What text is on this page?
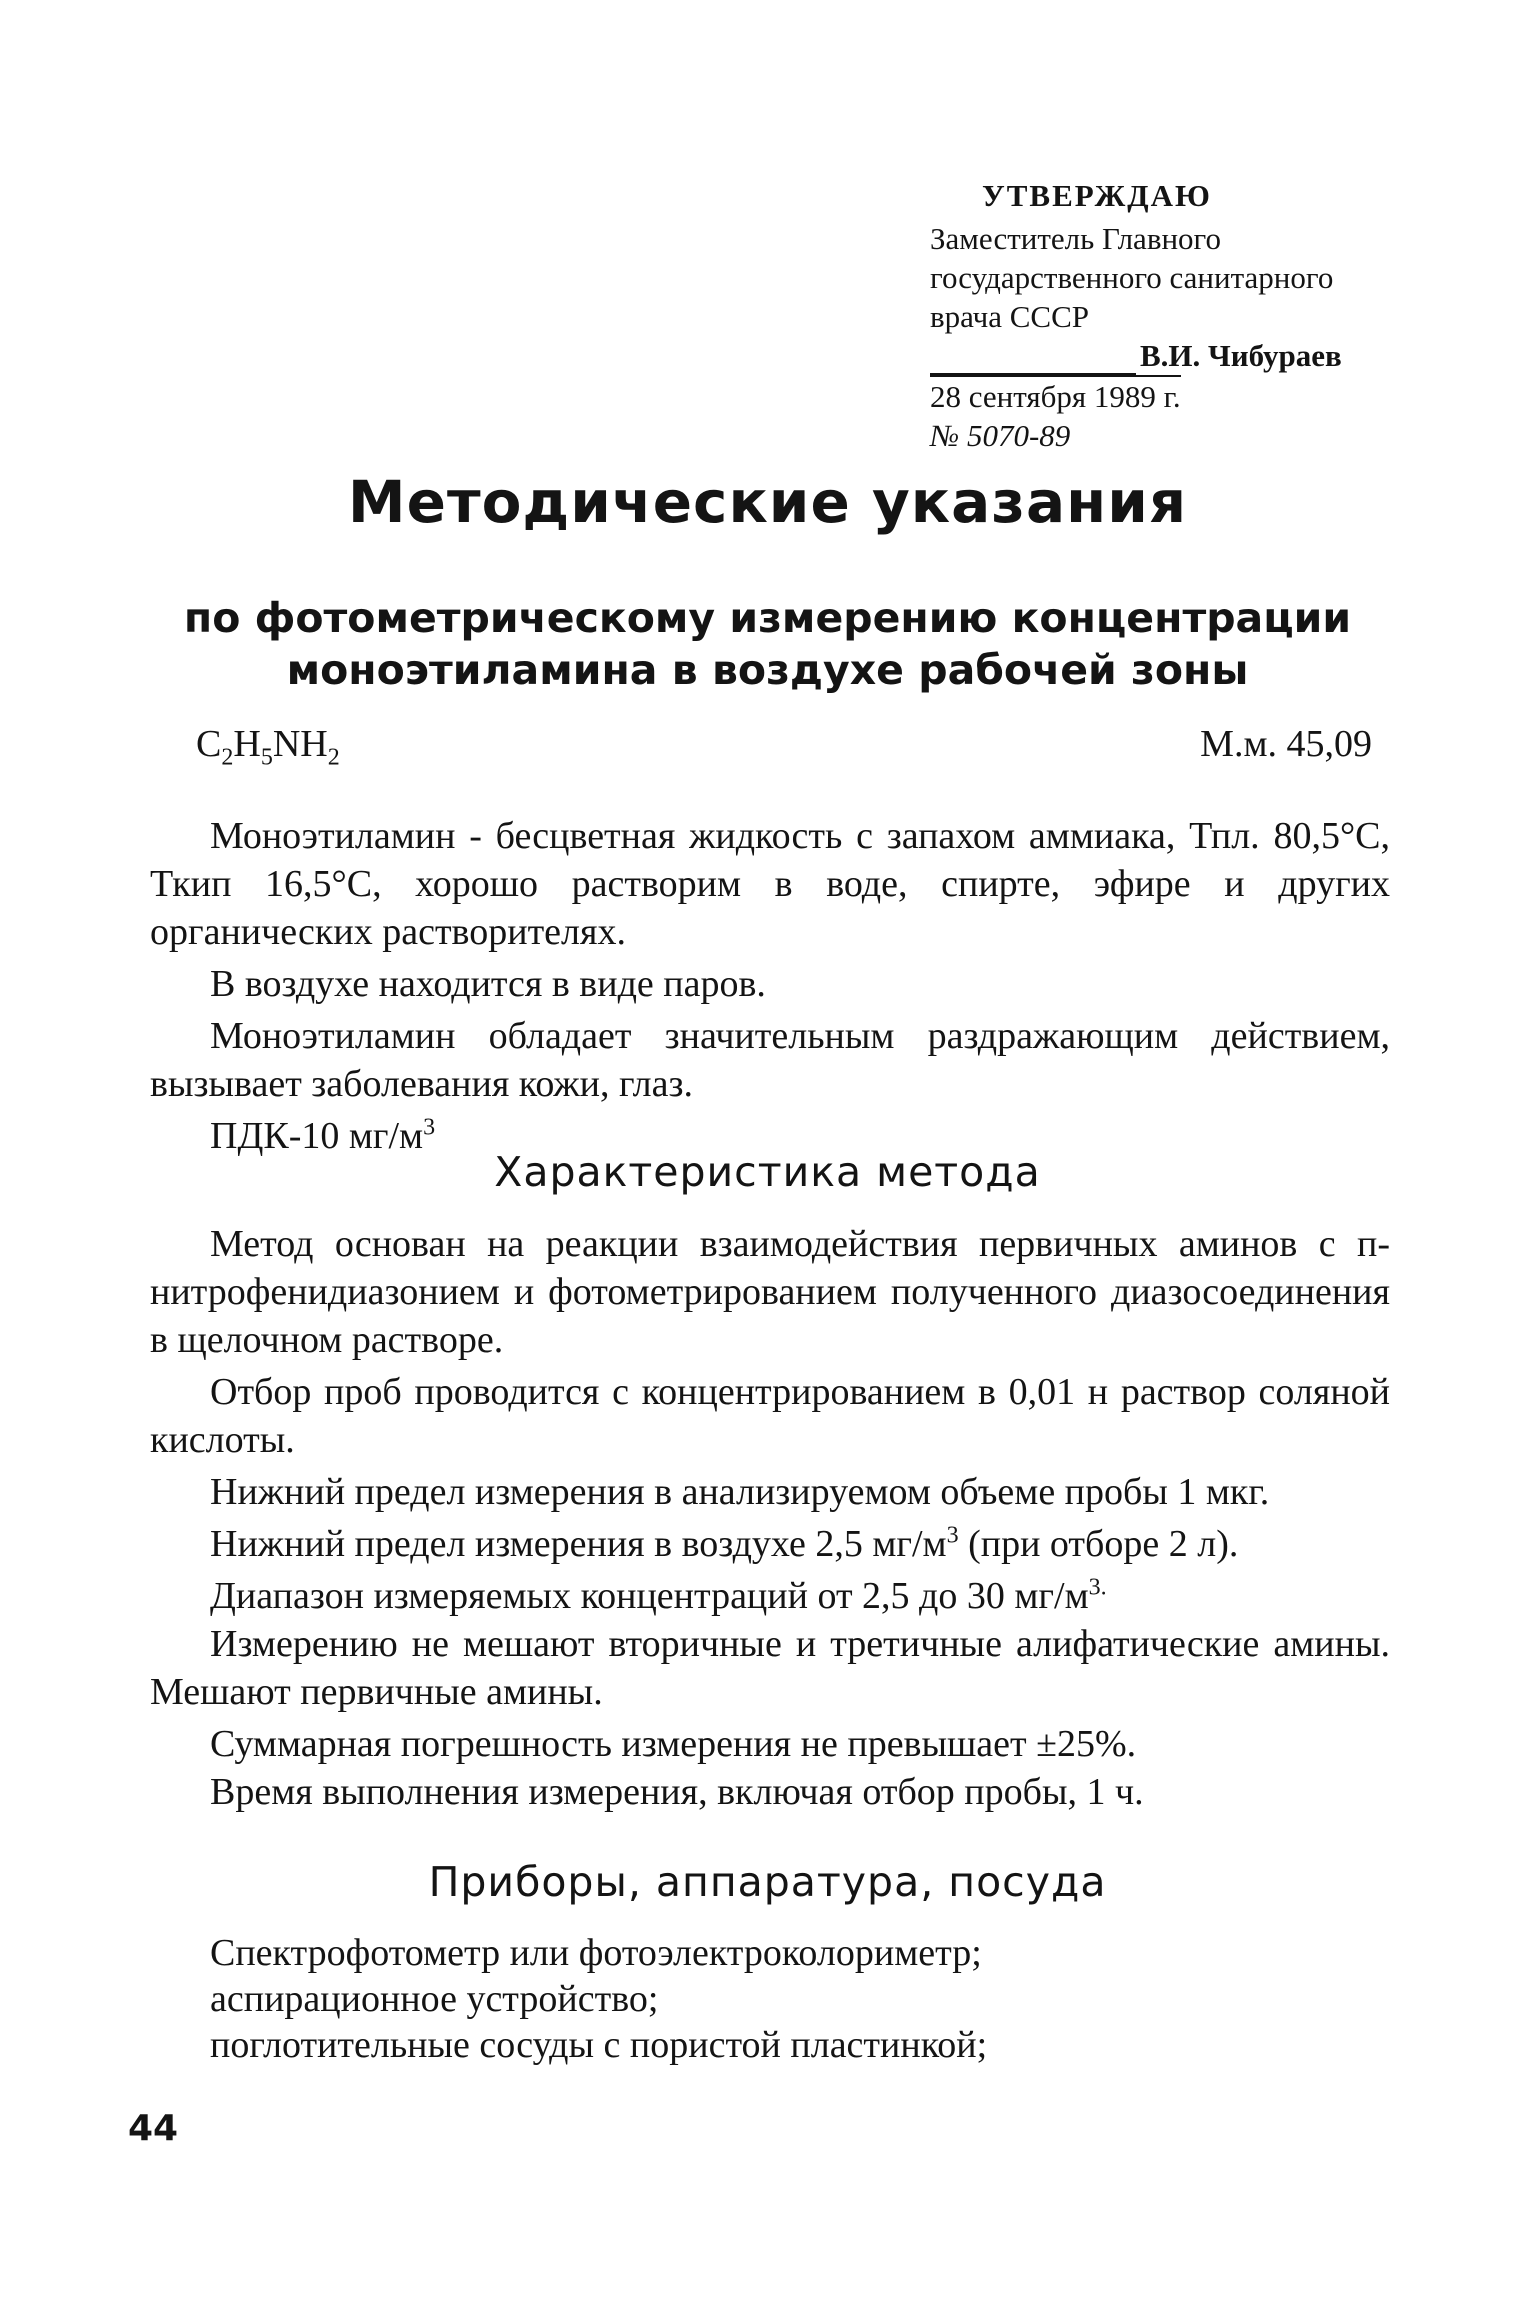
УТВЕРЖДАЮ
Заместитель Главного
государственного санитарного
врача СССР
В.И. Чибураев
28 сентября 1989 г.
№ 5070-89
Методические указания
по фотометрическому измерению концентрации
моноэтиламина в воздухе рабочей зоны
$C_2H_5NH_2$	М.м. 45,09

Моноэтиламин - бесцветная жидкость с запахом аммиака, Тпл. 80,5°С, Ткип 16,5°С, хорошо растворим в воде, спирте, эфире и других органических растворителях.

В воздухе находится в виде паров.

Моноэтиламин обладает значительным раздражающим действием, вызывает заболевания кожи, глаз.

ПДК-10 $мг/м^3$

Характеристика метода

Метод основан на реакции взаимодействия первичных аминов с п-нитрофенидиазонием и фотометрированием полученного диазосоединения в щелочном растворе.

Отбор проб проводится с концентрированием в 0,01 н раствор соляной кислоты.

Нижний предел измерения в анализируемом объеме пробы 1 мкг.

Нижний предел измерения в воздухе 2,5 $мг/м^3$ (при отборе 2 л).

Диапазон измеряемых концентраций от 2,5 до 30 $мг/м^{3.}$

Измерению не мешают вторичные и третичные алифатические амины. Мешают первичные амины.

Суммарная погрешность измерения не превышает ±25%.

Время выполнения измерения, включая отбор пробы, 1 ч.

Приборы, аппаратура, посуда
Спектрофотометр или фотоэлектроколориметр;
аспирационное устройство;
поглотительные сосуды с пористой пластинкой;
44
